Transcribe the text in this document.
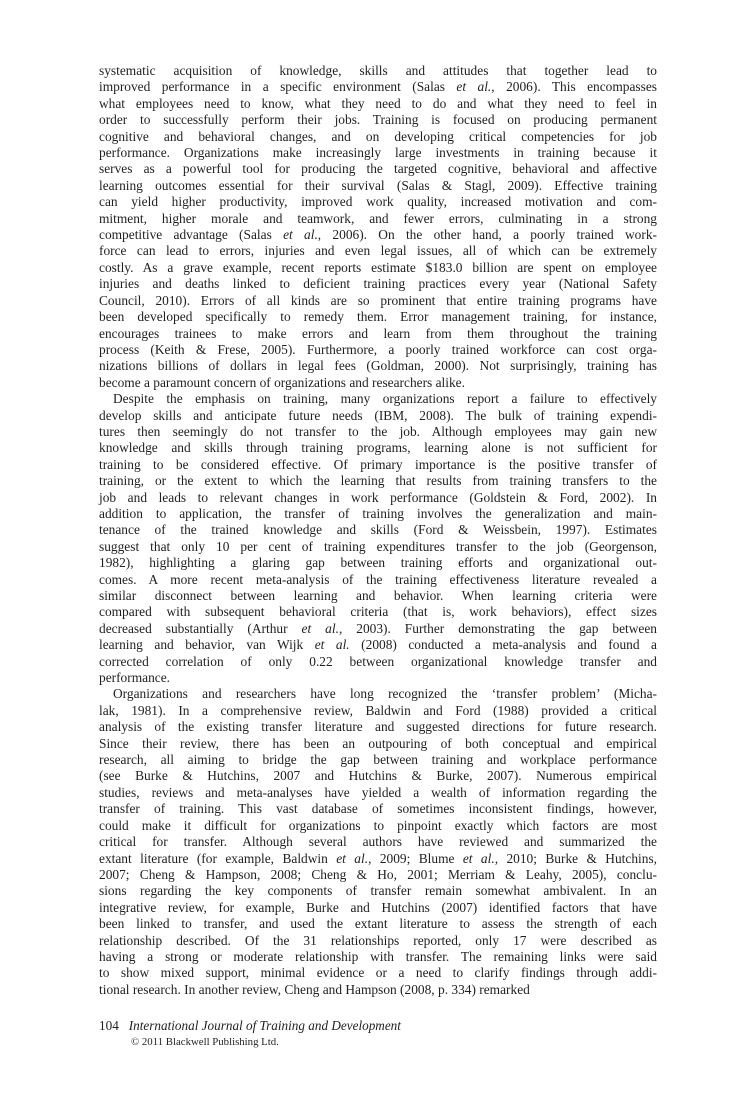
systematic acquisition of knowledge, skills and attitudes that together lead to
improved performance in a specific environment (Salas et al., 2006). This encompasses
what employees need to know, what they need to do and what they need to feel in
order to successfully perform their jobs. Training is focused on producing permanent
cognitive and behavioral changes, and on developing critical competencies for job
performance. Organizations make increasingly large investments in training because it
serves as a powerful tool for producing the targeted cognitive, behavioral and affective
learning outcomes essential for their survival (Salas & Stagl, 2009). Effective training
can yield higher productivity, improved work quality, increased motivation and com-
mitment, higher morale and teamwork, and fewer errors, culminating in a strong
competitive advantage (Salas et al., 2006). On the other hand, a poorly trained work-
force can lead to errors, injuries and even legal issues, all of which can be extremely
costly. As a grave example, recent reports estimate $183.0 billion are spent on employee
injuries and deaths linked to deficient training practices every year (National Safety
Council, 2010). Errors of all kinds are so prominent that entire training programs have
been developed specifically to remedy them. Error management training, for instance,
encourages trainees to make errors and learn from them throughout the training
process (Keith & Frese, 2005). Furthermore, a poorly trained workforce can cost orga-
nizations billions of dollars in legal fees (Goldman, 2000). Not surprisingly, training has
become a paramount concern of organizations and researchers alike.
Despite the emphasis on training, many organizations report a failure to effectively
develop skills and anticipate future needs (IBM, 2008). The bulk of training expendi-
tures then seemingly do not transfer to the job. Although employees may gain new
knowledge and skills through training programs, learning alone is not sufficient for
training to be considered effective. Of primary importance is the positive transfer of
training, or the extent to which the learning that results from training transfers to the
job and leads to relevant changes in work performance (Goldstein & Ford, 2002). In
addition to application, the transfer of training involves the generalization and main-
tenance of the trained knowledge and skills (Ford & Weissbein, 1997). Estimates
suggest that only 10 per cent of training expenditures transfer to the job (Georgenson,
1982), highlighting a glaring gap between training efforts and organizational out-
comes. A more recent meta-analysis of the training effectiveness literature revealed a
similar disconnect between learning and behavior. When learning criteria were
compared with subsequent behavioral criteria (that is, work behaviors), effect sizes
decreased substantially (Arthur et al., 2003). Further demonstrating the gap between
learning and behavior, van Wijk et al. (2008) conducted a meta-analysis and found a
corrected correlation of only 0.22 between organizational knowledge transfer and
performance.
Organizations and researchers have long recognized the ‘transfer problem’ (Micha-
lak, 1981). In a comprehensive review, Baldwin and Ford (1988) provided a critical
analysis of the existing transfer literature and suggested directions for future research.
Since their review, there has been an outpouring of both conceptual and empirical
research, all aiming to bridge the gap between training and workplace performance
(see Burke & Hutchins, 2007 and Hutchins & Burke, 2007). Numerous empirical
studies, reviews and meta-analyses have yielded a wealth of information regarding the
transfer of training. This vast database of sometimes inconsistent findings, however,
could make it difficult for organizations to pinpoint exactly which factors are most
critical for transfer. Although several authors have reviewed and summarized the
extant literature (for example, Baldwin et al., 2009; Blume et al., 2010; Burke & Hutchins,
2007; Cheng & Hampson, 2008; Cheng & Ho, 2001; Merriam & Leahy, 2005), conclu-
sions regarding the key components of transfer remain somewhat ambivalent. In an
integrative review, for example, Burke and Hutchins (2007) identified factors that have
been linked to transfer, and used the extant literature to assess the strength of each
relationship described. Of the 31 relationships reported, only 17 were described as
having a strong or moderate relationship with transfer. The remaining links were said
to show mixed support, minimal evidence or a need to clarify findings through addi-
tional research. In another review, Cheng and Hampson (2008, p. 334) remarked
104 International Journal of Training and Development
© 2011 Blackwell Publishing Ltd.
